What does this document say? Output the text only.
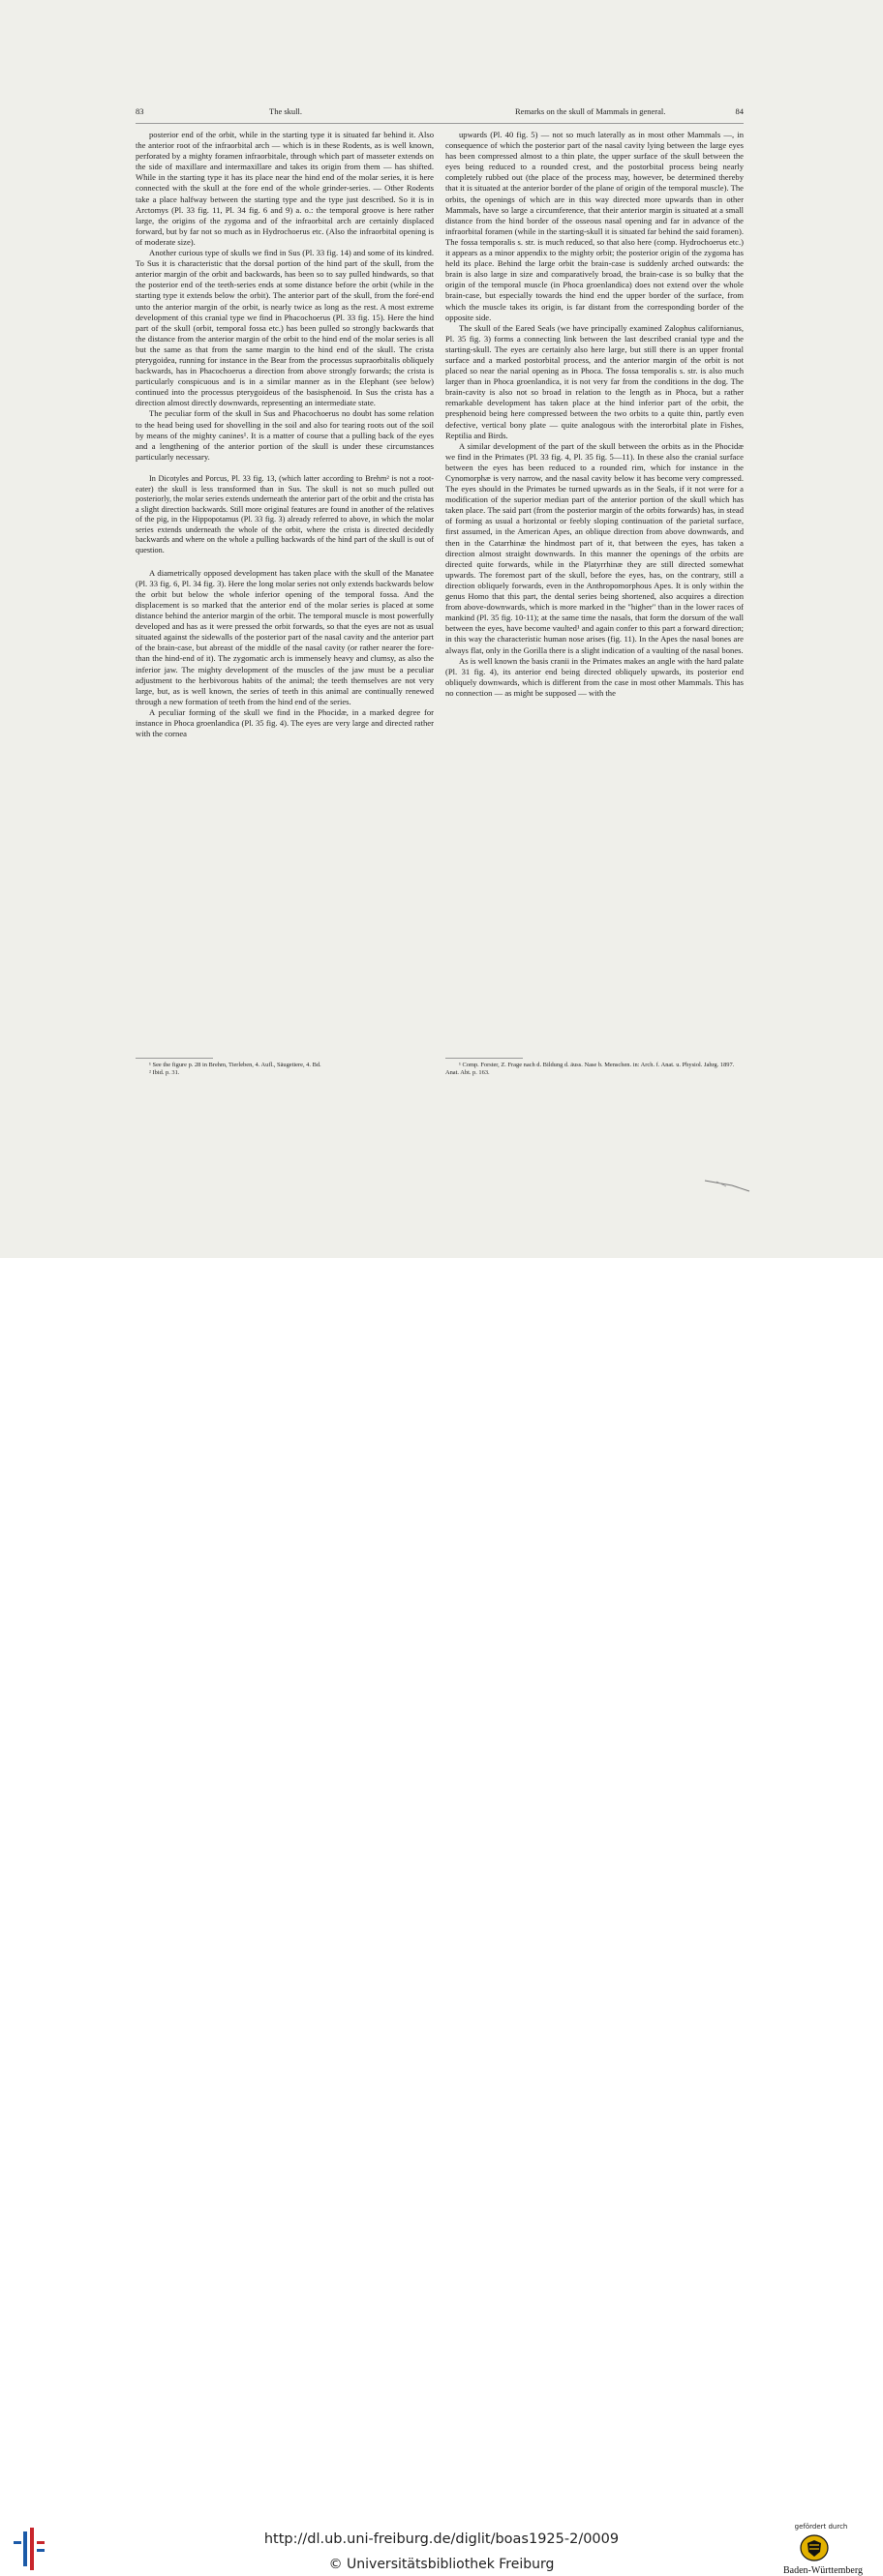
83	The skull.	Remarks on the skull of Mammals in general.	84

posterior end of the orbit, while in the starting type it is situated far behind it. Also the anterior root of the infraorbital arch — which is in these Rodents, as is well known, perforated by a mighty foramen infraorbitale, through which part of masseter extends on the side of maxillare and intermaxillare and takes its origin from them — has shifted. While in the starting type it has its place near the hind end of the molar series, it is here connected with the skull at the fore end of the whole grinder-series. — Other Rodents take a place halfway between the starting type and the type just described. So it is in Arctomys (Pl. 33 fig. 11, Pl. 34 fig. 6 and 9) a. o.: the temporal groove is here rather large, the origins of the zygoma and of the infraorbital arch are certainly displaced forward, but by far not so much as in Hydrochoerus etc. (Also the infraorbital opening is of moderate size).

Another curious type of skulls we find in Sus (Pl. 33 fig. 14) and some of its kindred. To Sus it is characteristic that the dorsal portion of the hind part of the skull, from the anterior margin of the orbit and backwards, has been so to say pulled hindwards, so that the posterior end of the teeth-series ends at some distance before the orbit (while in the starting type it extends below the orbit). The anterior part of the skull, from the foré-end unto the anterior margin of the orbit, is nearly twice as long as the rest. A most extreme development of this cranial type we find in Phacochoerus (Pl. 33 fig. 15). Here the hind part of the skull (orbit, temporal fossa etc.) has been pulled so strongly backwards that the distance from the anterior margin of the orbit to the hind end of the molar series is all but the same as that from the same margin to the hind end of the skull. The crista pterygoidea, running for instance in the Bear from the processus supraorbitalis obliquely backwards, has in Phacochoerus a direction from above strongly forwards; the crista is particularly conspicuous and is in a similar manner as in the Elephant (see below) continued into the processus pterygoideus of the basisphenoid. In Sus the crista has a direction almost directly downwards, representing an intermediate state.

The peculiar form of the skull in Sus and Phacochoerus no doubt has some relation to the head being used for shovelling in the soil and also for tearing roots out of the soil by means of the mighty canines¹. It is a matter of course that a pulling back of the eyes and a lengthening of the anterior portion of the skull is under these circumstances particularly necessary.

In Dicotyles and Porcus, Pl. 33 fig. 13, (which latter according to Brehm² is not a root-eater) the skull is less transformed than in Sus. The skull is not so much pulled out posteriorly, the molar series extends underneath the anterior part of the orbit and the crista has a slight direction backwards. Still more original features are found in another of the relatives of the pig, in the Hippopotamus (Pl. 33 fig. 3) already referred to above, in which the molar series extends underneath the whole of the orbit, where the crista is directed decidedly backwards and where on the whole a pulling backwards of the hind part of the skull is out of question.

A diametrically opposed development has taken place with the skull of the Manatee (Pl. 33 fig. 6, Pl. 34 fig. 3). Here the long molar series not only extends backwards below the orbit but below the whole inferior opening of the temporal fossa. And the displacement is so marked that the anterior end of the molar series is placed at some distance behind the anterior margin of the orbit. The temporal muscle is most powerfully developed and has as it were pressed the orbit forwards, so that the eyes are not as usual situated against the sidewalls of the posterior part of the nasal cavity and the anterior part of the brain-case, but abreast of the middle of the nasal cavity (or rather nearer the fore- than the hind-end of it). The zygomatic arch is immensely heavy and clumsy, as also the inferior jaw. The mighty development of the muscles of the jaw must be a peculiar adjustment to the herbivorous habits of the animal; the teeth themselves are not very large, but, as is well known, the series of teeth in this animal are continually renewed through a new formation of teeth from the hind end of the series.

A peculiar forming of the skull we find in the Phocidæ, in a marked degree for instance in Phoca groenlandica (Pl. 35 fig. 4). The eyes are very large and directed rather with the cornea

upwards (Pl. 40 fig. 5) — not so much laterally as in most other Mammals —, in consequence of which the posterior part of the nasal cavity lying between the large eyes has been compressed almost to a thin plate, the upper surface of the skull between the eyes being reduced to a rounded crest, and the postorbital process being nearly completely rubbed out (the place of the process may, however, be determined thereby that it is situated at the anterior border of the plane of origin of the temporal muscle). The orbits, the openings of which are in this way directed more upwards than in other Mammals, have so large a circumference, that their anterior margin is situated at a small distance from the hind border of the osseous nasal opening and far in advance of the infraorbital foramen (while in the starting-skull it is situated far behind the said foramen). The fossa temporalis s. str. is much reduced, so that also here (comp. Hydrochoerus etc.) it appears as a minor appendix to the mighty orbit; the posterior origin of the zygoma has held its place. Behind the large orbit the brain-case is suddenly arched outwards: the brain is also large in size and comparatively broad, the brain-case is so bulky that the origin of the temporal muscle (in Phoca groenlandica) does not extend over the whole brain-case, but especially towards the hind end the upper border of the surface, from which the muscle takes its origin, is far distant from the corresponding border of the opposite side.

The skull of the Eared Seals (we have principally examined Zalophus californianus, Pl. 35 fig. 3) forms a connecting link between the last described cranial type and the starting-skull. The eyes are certainly also here large, but still there is an upper frontal surface and a marked postorbital process, and the anterior margin of the orbit is not placed so near the narial opening as in Phoca. The fossa temporalis s. str. is also much larger than in Phoca groenlandica, it is not very far from the conditions in the dog. The brain-cavity is also not so broad in relation to the length as in Phoca, but a rather remarkable development has taken place at the hind inferior part of the orbit, the presphenoid being here compressed between the two orbits to a quite thin, partly even defective, vertical bony plate — quite analogous with the interorbital plate in Fishes, Reptilia and Birds.

A similar development of the part of the skull between the orbits as in the Phocidæ we find in the Primates (Pl. 33 fig. 4, Pl. 35 fig. 5—11). In these also the cranial surface between the eyes has been reduced to a rounded rim, which for instance in the Cynomorphæ is very narrow, and the nasal cavity below it has become very compressed. The eyes should in the Primates be turned upwards as in the Seals, if it not were for a modification of the superior median part of the anterior portion of the skull which has taken place. The said part (from the posterior margin of the orbits forwards) has, in stead of forming as usual a horizontal or feebly sloping continuation of the parietal surface, first assumed, in the American Apes, an oblique direction from above downwards, and then in the Catarrhinæ the hindmost part of it, that between the eyes, has taken a direction almost straight downwards. In this manner the openings of the orbits are directed quite forwards, while in the Platyrrhinæ they are still directed somewhat upwards. The foremost part of the skull, before the eyes, has, on the contrary, still a direction obliquely forwards, even in the Anthropomorphous Apes. It is only within the genus Homo that this part, the dental series being shortened, also acquires a direction from above-downwards, which is more marked in the "higher" than in the lower races of mankind (Pl. 35 fig. 10-11); at the same time the nasals, that form the dorsum of the wall between the eyes, have become vaulted¹ and again confer to this part a forward direction; in this way the characteristic human nose arises (fig. 11). In the Apes the nasal bones are always flat, only in the Gorilla there is a slight indication of a vaulting of the nasal bones.

As is well known the basis cranii in the Primates makes an angle with the hard palate (Pl. 31 fig. 4), its anterior end being directed obliquely upwards, its posterior end obliquely downwards, which is different from the case in most other Mammals. This has no connection — as might be supposed — with the

¹ See the figure p. 28 in Brehm, Tierleben, 4. Aufl., Säugetiere, 4. Bd.
² Ibid. p. 31.
¹ Comp. Forster, Z. Frage nach d. Bildung d. äuss. Nase b. Menschen. in: Arch. f. Anat. u. Physiol. Jahrg. 1897. Anat. Abt. p. 163.
http://dl.ub.uni-freiburg.de/diglit/boas1925-2/0009
© Universitätsbibliothek Freiburg
gefördert durch
Baden-Württemberg
